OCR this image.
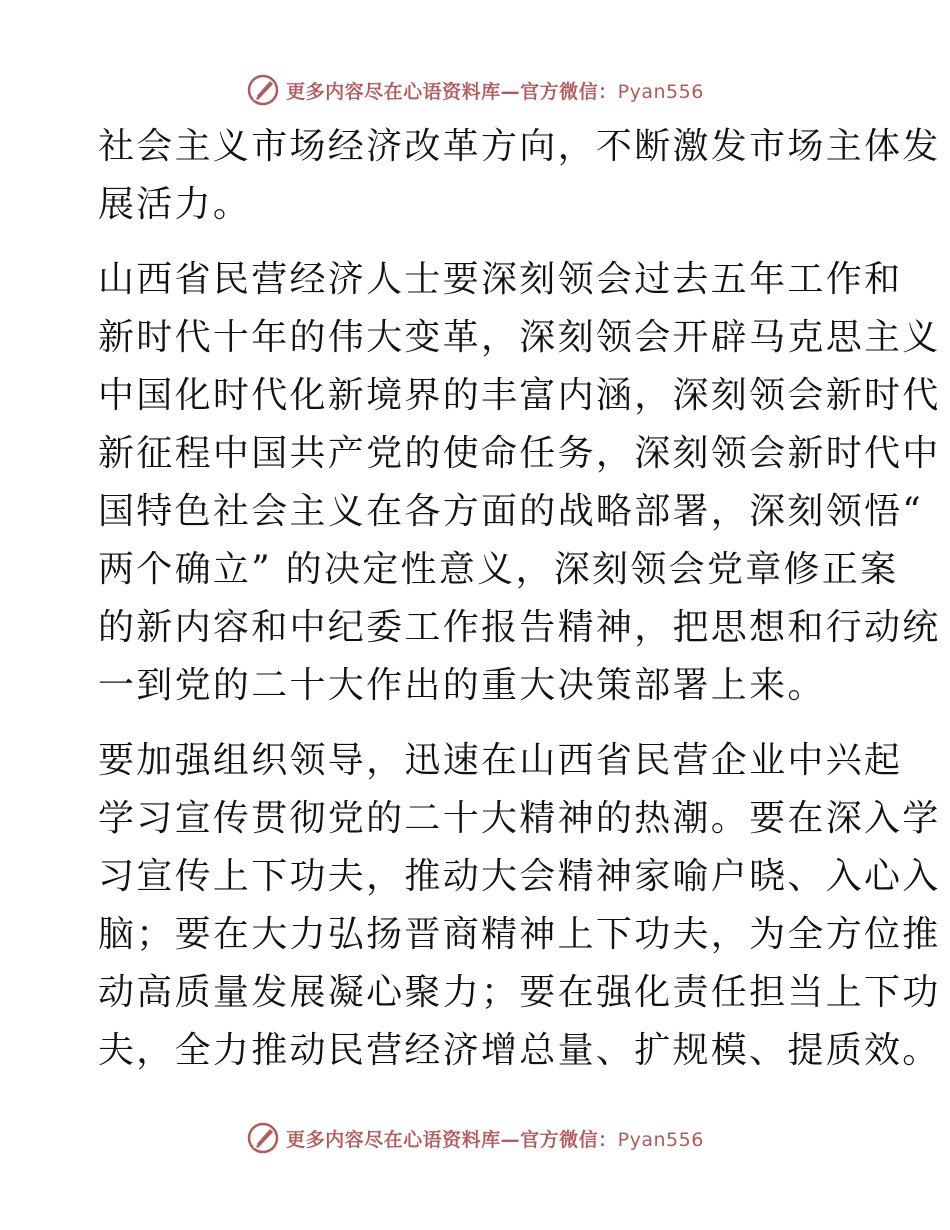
更多内容尽在心语资料库—官方微信：Pyan556
社会主义市场经济改革方向，不断激发市场主体发
展活力。
山西省民营经济人士要深刻领会过去五年工作和
新时代十年的伟大变革，深刻领会开辟马克思主义
中国化时代化新境界的丰富内涵，深刻领会新时代
新征程中国共产党的使命任务，深刻领会新时代中
国特色社会主义在各方面的战略部署，深刻领悟“
两个确立” 的决定性意义，深刻领会党章修正案
的新内容和中纪委工作报告精神，把思想和行动统
一到党的二十大作出的重大决策部署上来。
要加强组织领导，迅速在山西省民营企业中兴起
学习宣传贯彻党的二十大精神的热潮。要在深入学
习宣传上下功夫，推动大会精神家喻户晓、入心入
脑；要在大力弘扬晋商精神上下功夫，为全方位推
动高质量发展凝心聚力；要在强化责任担当上下功
夫，全力推动民营经济增总量、扩规模、提质效。
更多内容尽在心语资料库—官方微信：Pyan556
